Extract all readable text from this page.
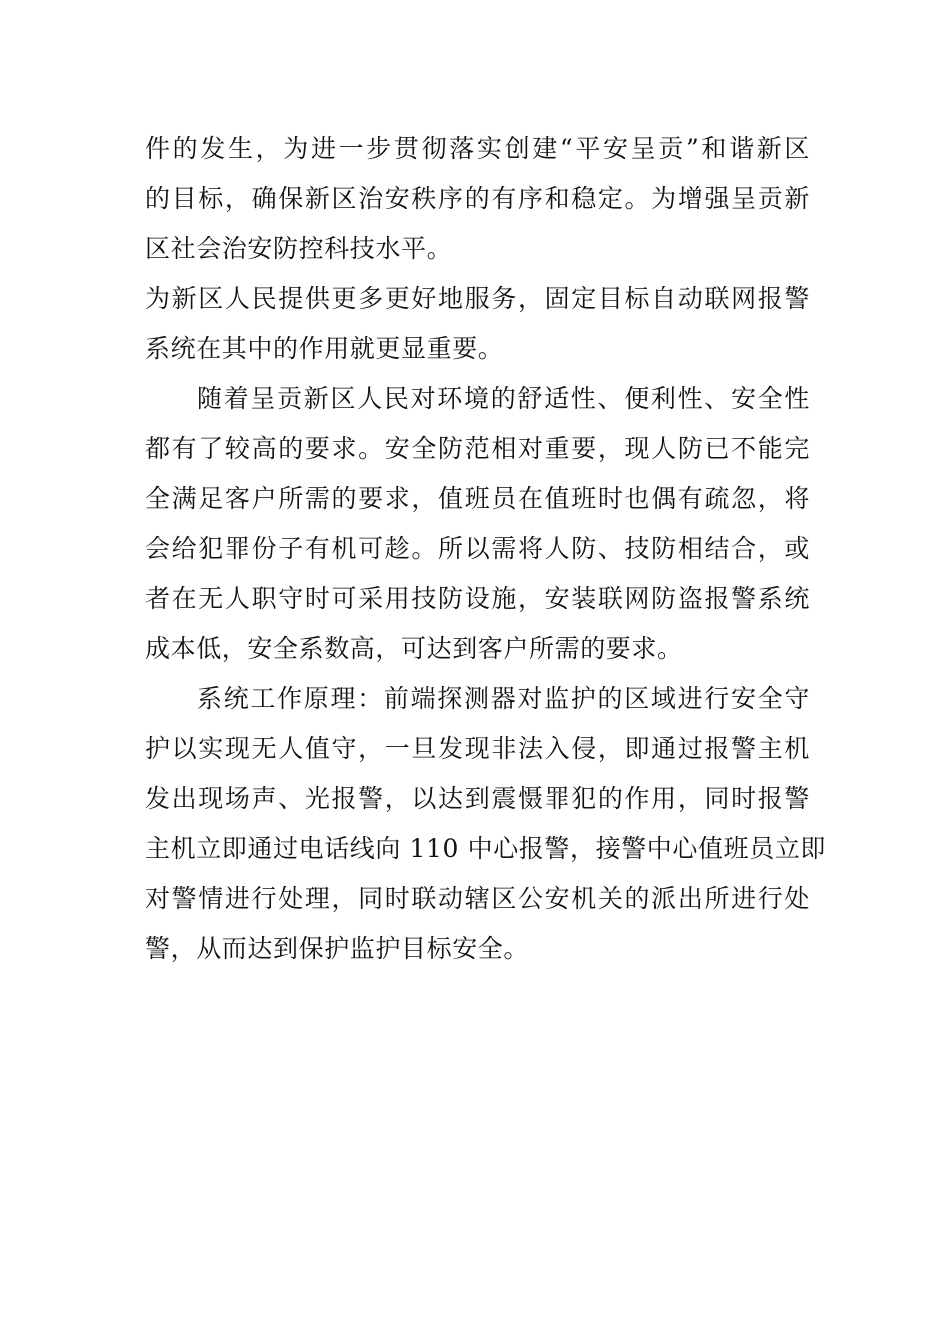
件的发生，为进一步贯彻落实创建“平安呈贡”和谐新区
的目标，确保新区治安秩序的有序和稳定。为增强呈贡新
区社会治安防控科技水平。
为新区人民提供更多更好地服务，固定目标自动联网报警
系统在其中的作用就更显重要。
随着呈贡新区人民对环境的舒适性、便利性、安全性
都有了较高的要求。安全防范相对重要，现人防已不能完
全满足客户所需的要求，值班员在值班时也偶有疏忽，将
会给犯罪份子有机可趁。所以需将人防、技防相结合，或
者在无人职守时可采用技防设施，安装联网防盗报警系统
成本低，安全系数高，可达到客户所需的要求。
系统工作原理：前端探测器对监护的区域进行安全守
护以实现无人值守，一旦发现非法入侵，即通过报警主机
发出现场声、光报警，以达到震慑罪犯的作用，同时报警
主机立即通过电话线向 110 中心报警，接警中心值班员立即
对警情进行处理，同时联动辖区公安机关的派出所进行处
警，从而达到保护监护目标安全。
